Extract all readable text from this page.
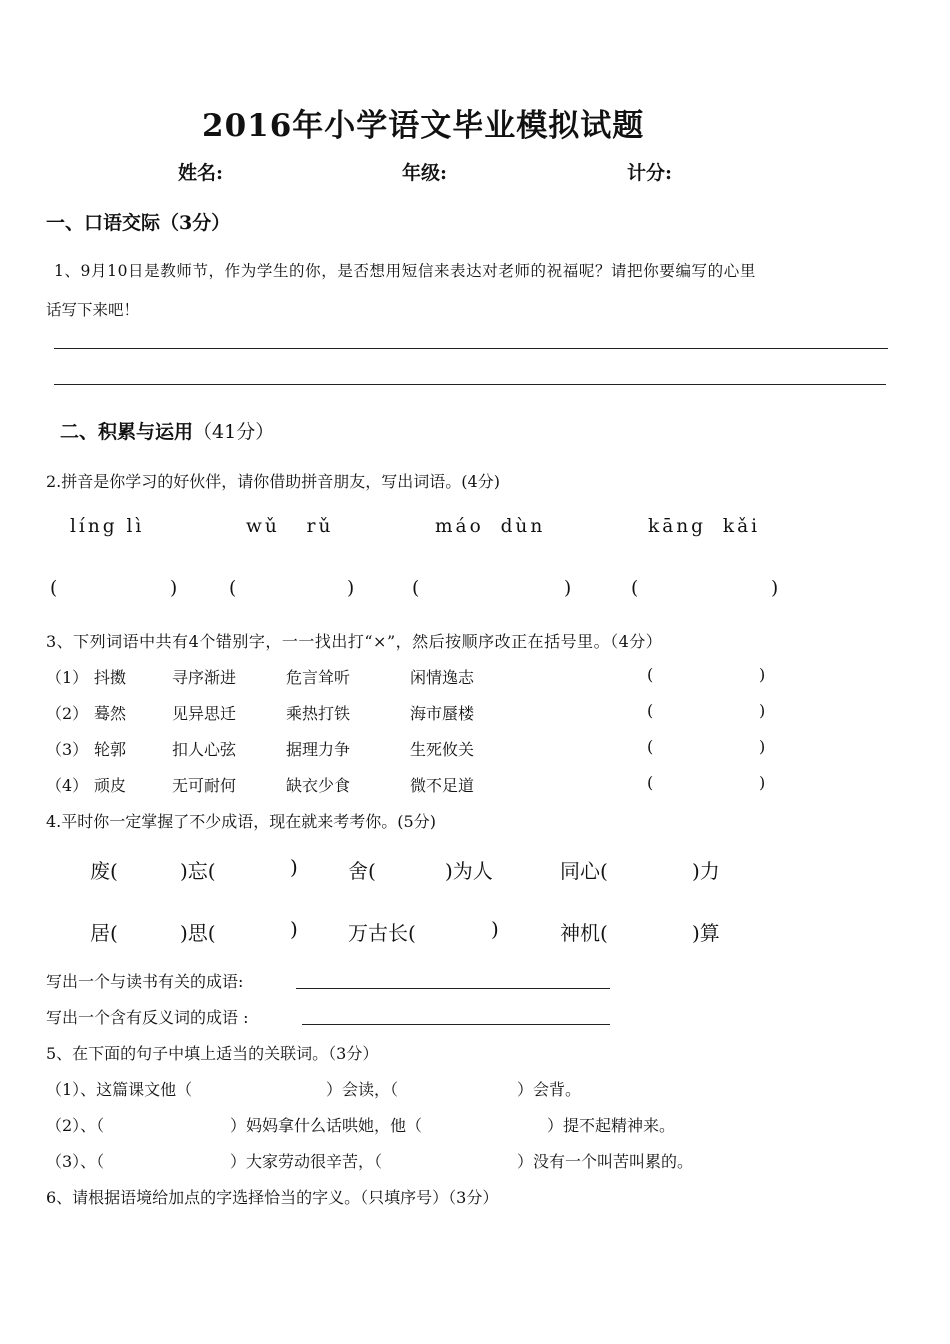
2016年小学语文毕业模拟试题
姓名:	年级:	计分:
一、口语交际（3分）
1、9月10日是教师节，作为学生的你，是否想用短信来表达对老师的祝福呢？请把你要编写的心里
话写下来吧！
二、积累与运用（41分）
2.拼音是你学习的好伙伴，请你借助拼音朋友，写出词语。(4分)
líng lì	wǔ rǔ	máo dùn	kāng kǎi
(	)	(	)	(	)	(	)
3、下列词语中共有4个错别字，一一找出打“×”，然后按顺序改正在括号里。（4分）
（1） 抖擞	寻序渐进	危言耸听	闲情逸志	(	)
（2） 蓦然	见异思迁	乘热打铁	海市蜃楼	(	)
（3） 轮郭	扣人心弦	据理力争	生死攸关	(	)
（4） 顽皮	无可耐何	缺衣少食	微不足道	(	)
4.平时你一定掌握了不少成语，现在就来考考你。(5分)
废(	)忘(	)	舍(	)为人	同心(	)力
居(	)思(	)	万古长(	)	神机(	)算
写出一个与读书有关的成语:
写出一个含有反义词的成语 :
5、在下面的句子中填上适当的关联词。（3分）
（1）、这篇课文他（	）会读，（	）会背。
（2）、（	）妈妈拿什么话哄她，他（	）提不起精神来。
（3）、（	）大家劳动很辛苦，（	）没有一个叫苦叫累的。
6、请根据语境给加点的字选择恰当的字义。（只填序号）（3分）
